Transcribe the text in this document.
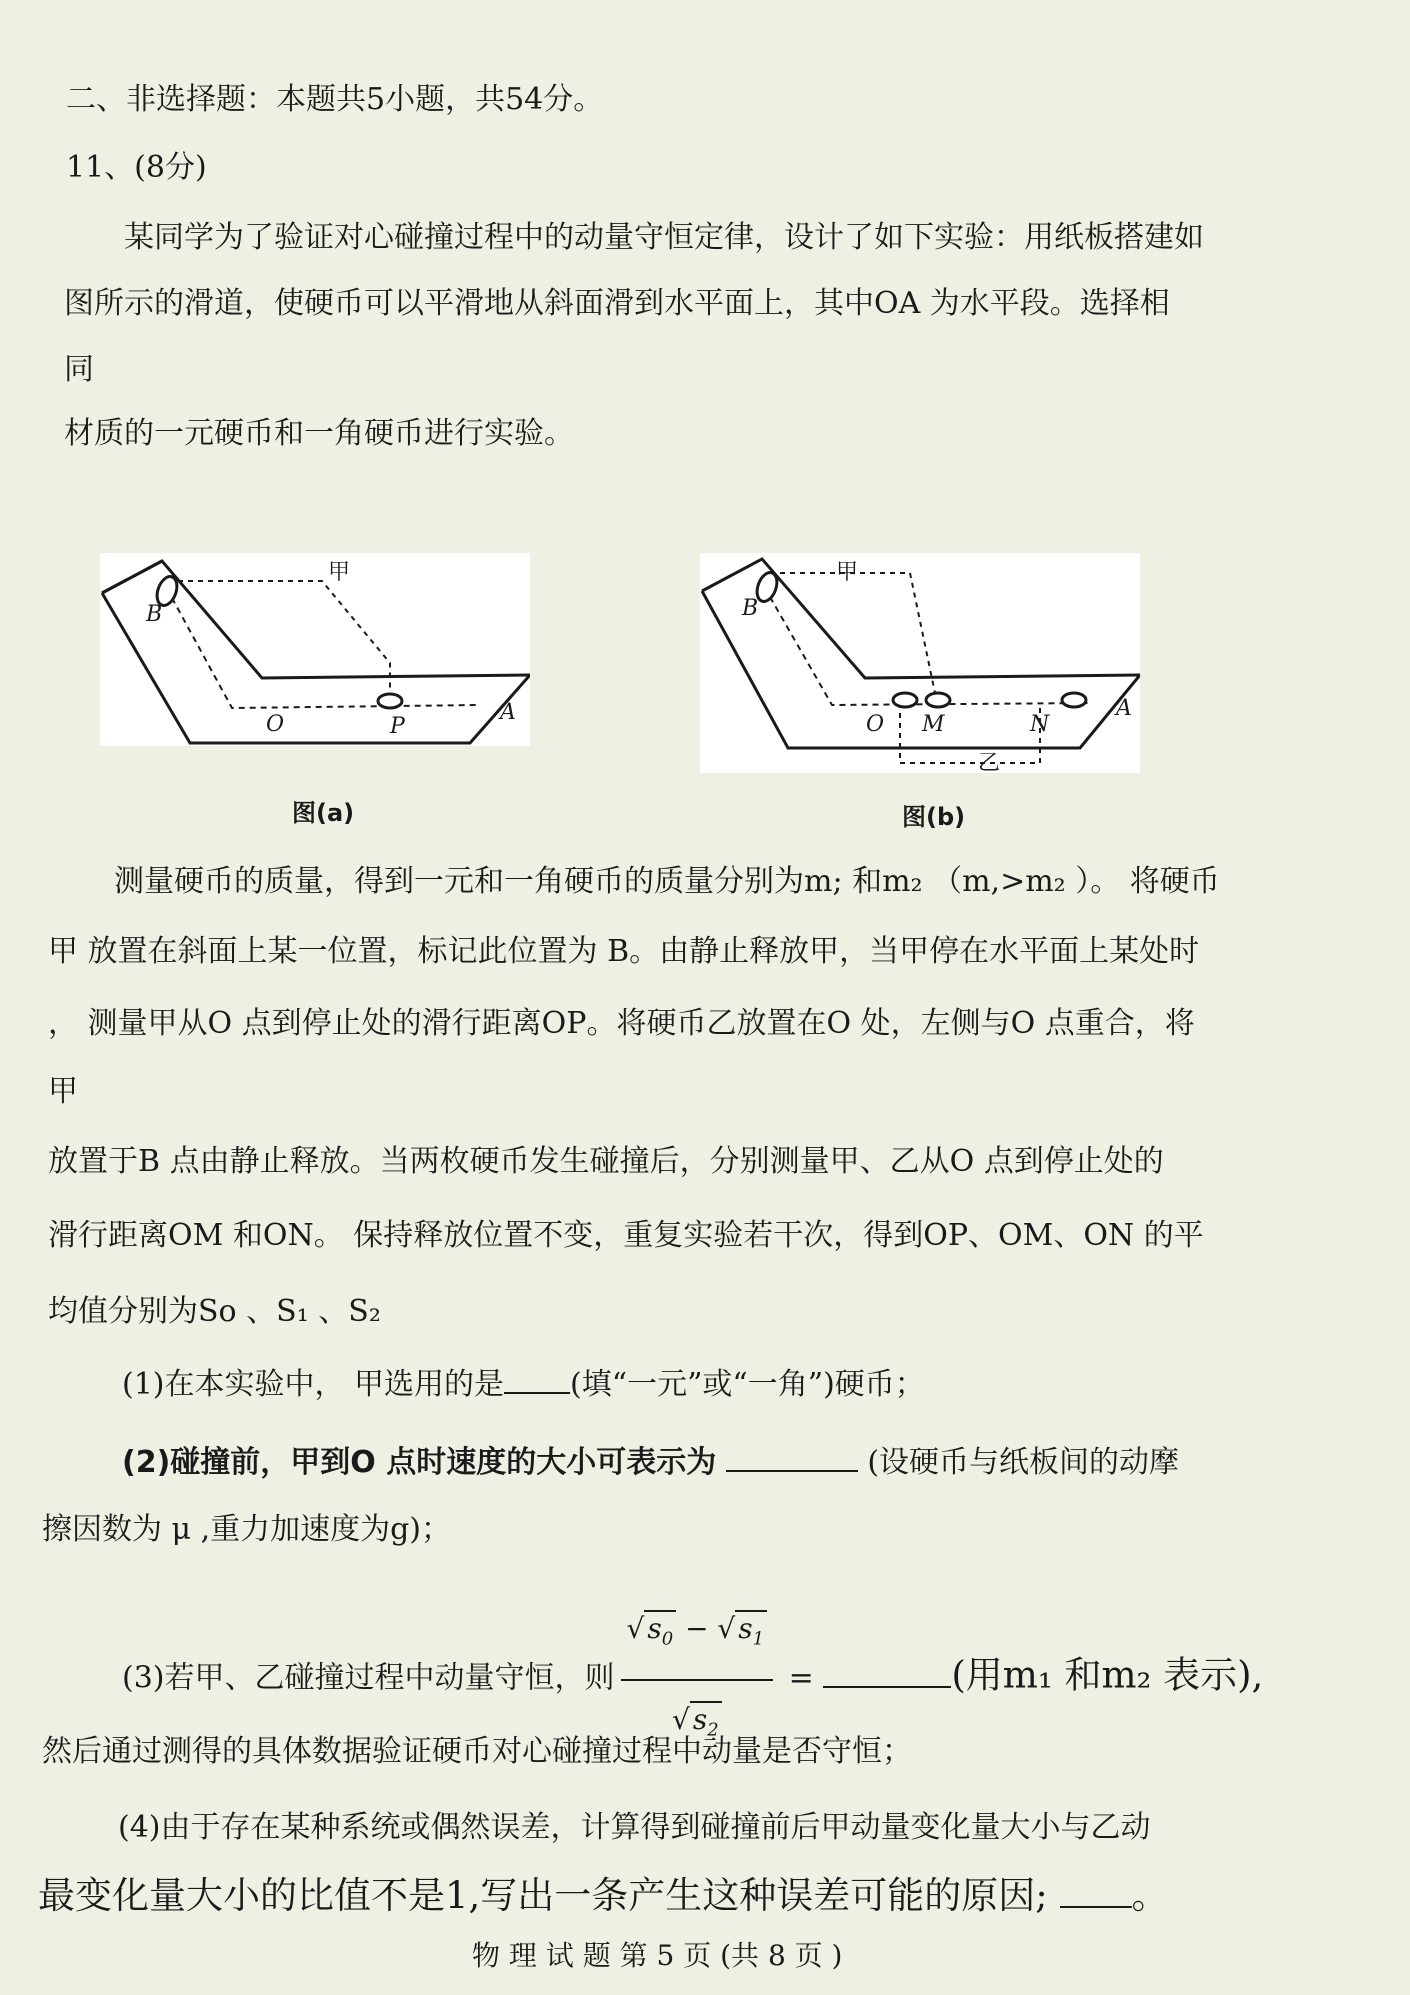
二、非选择题：本题共5小题，共54分。
11、(8分)
某同学为了验证对心碰撞过程中的动量守恒定律，设计了如下实验：用纸板搭建如
图所示的滑道，使硬币可以平滑地从斜面滑到水平面上，其中OA 为水平段。选择相
同
材质的一元硬币和一角硬币进行实验。
甲
B
O	P
A
图(a)
甲
B
O M	N
A
乙
图(b)
测量硬币的质量，得到一元和一角硬币的质量分别为m; 和m₂ （m,>m₂ ）。 将硬币
甲 放置在斜面上某一位置，标记此位置为 B。由静止释放甲，当甲停在水平面上某处时
， 测量甲从O 点到停止处的滑行距离OP。将硬币乙放置在O 处，左侧与O 点重合，将
甲
放置于B 点由静止释放。当两枚硬币发生碰撞后，分别测量甲、乙从O 点到停止处的
滑行距离OM 和ON。 保持释放位置不变，重复实验若干次，得到OP、OM、ON 的平
均值分别为So 、S₁ 、S₂
(1)在本实验中， 甲选用的是 (填“一元”或“一角”)硬币；
(2)碰撞前，甲到O 点时速度的大小可表示为	(设硬币与纸板间的动摩
擦因数为 μ ,重力加速度为g)；
(3)若甲、乙碰撞过程中动量守恒，则 $\frac{√ s_0 - √ s_1}{√ s_2}$ =	(用m₁ 和m₂ 表示),
然后通过测得的具体数据验证硬币对心碰撞过程中动量是否守恒；
(4)由于存在某种系统或偶然误差，计算得到碰撞前后甲动量变化量大小与乙动
最变化量大小的比值不是1,写出一条产生这种误差可能的原因; 。
物 理 试 题 第 5 页 (共 8 页 )
